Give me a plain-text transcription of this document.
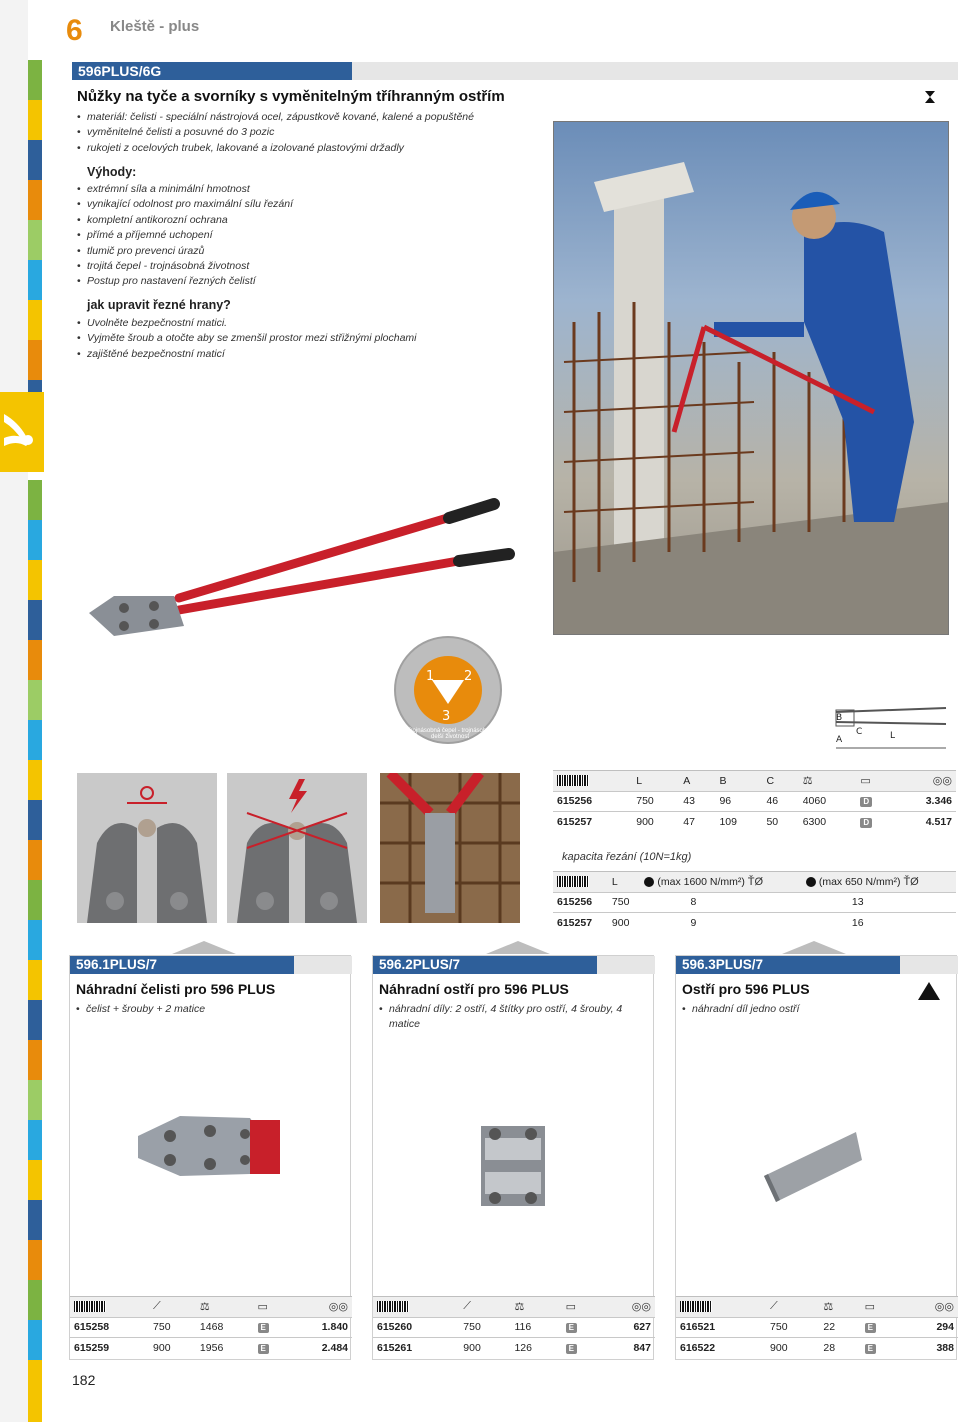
6 Kleště - plus
596PLUS/6G
Nůžky na tyče a svorníky s vyměnitelným tříhranným ostřím
• materiál: čelisti - speciální nástrojová ocel, zápustkově kované, kalené a popuštěné
• vyměnitelné čelisti a posuvné do 3 pozic
• rukojeti z ocelových trubek, lakované a izolované plastovými držadly
Výhody:
• extrémní síla a minimální hmotnost
• vynikající odolnost pro maximální sílu řezání
• kompletní antikorozní ochrana
• přímé a příjemné uchopení
• tlumič pro prevenci úrazů
• trojitá čepel - trojnásobná životnost
• Postup pro nastavení řezných čelistí
jak upravit řezné hrany?
• Uvolněte bezpečnostní matici.
• Vyjměte šroub a otočte aby se zmenšil prostor mezi střižnými plochami
• zajištěné bezpečnostní maticí
1 2
3
Trojnásobná čepel - trojnásobně delší životnost
B
C
A	L
	L	A	B	C	⚖	▭	◎◎
615256	750	43	96	46	4060	D	3.346
615257	900	47	109	50	6300	D	4.517
kapacita řezání (10N=1kg)
	L	(max 1600 N/mm²) ŤØ	(max 650 N/mm²) ŤØ
615256	750	8	13
615257	900	9	16
596.1PLUS/7
Náhradní čelisti pro 596 PLUS
• čelist + šrouby + 2 matice
	⟋	⚖	▭	◎◎
615258	750	1468	E	1.840
615259	900	1956	E	2.484
596.2PLUS/7
Náhradní ostří pro 596 PLUS
• náhradní díly: 2 ostří, 4 štítky pro ostří, 4 šrouby, 4 matice
	⟋	⚖	▭	◎◎
615260	750	116	E	627
615261	900	126	E	847
596.3PLUS/7
Ostří pro 596 PLUS
• náhradní díl jedno ostří
	⟋	⚖	▭	◎◎
616521	750	22	E	294
616522	900	28	E	388
182
